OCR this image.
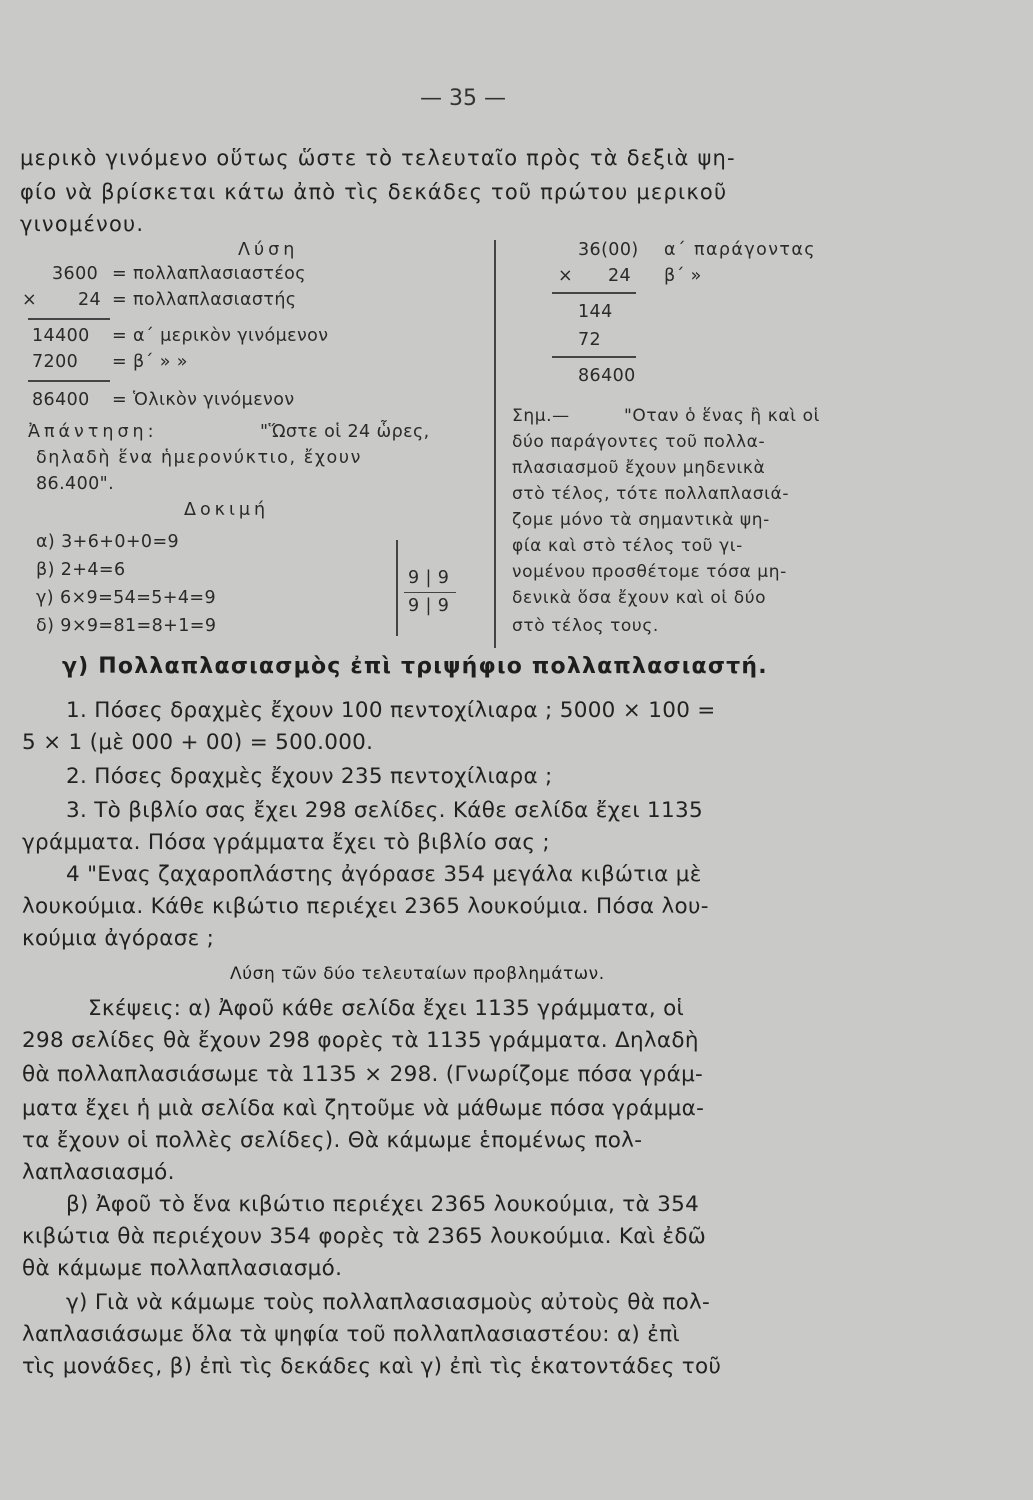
— 35 —
μερικὸ γινόμενο οὕτως ὥστε τὸ τελευταῖο πρὸς τὰ δεξιὰ ψη-
φίο νὰ βρίσκεται κάτω ἀπὸ τὶς δεκάδες τοῦ πρώτου μερικοῦ
γινομένου.
Λύση
3600 = πολλαπλασιαστέος
× 24 = πολλαπλασιαστής
14400 = α΄ μερικὸν γινόμενον
7200 = β΄ » »
86400 = Ὁλικὸν γινόμενον
Ἀπάντηση:	"Ὥστε οἱ 24 ὧρες,
δηλαδὴ ἕνα ἡμερονύκτιο, ἔχουν
86.400".
Δοκιμή
α) 3+6+0+0=9
β) 2+4=6
γ) 6×9=54=5+4=9
δ) 9×9=81=8+1=9
9 | 9
9 | 9
36(00) α΄ παράγοντας
× 24 β΄ »
144
72
86400
Σημ.—	"Οταν ὁ ἕνας ἢ καὶ οἱ
δύο παράγοντες τοῦ πολλα-
πλασιασμοῦ ἔχουν μηδενικὰ
στὸ τέλος, τότε πολλαπλασιά-
ζομε μόνο τὰ σημαντικὰ ψη-
φία καὶ στὸ τέλος τοῦ γι-
νομένου προσθέτομε τόσα μη-
δενικὰ ὅσα ἔχουν καὶ οἱ δύο
στὸ τέλος τους.
γ) Πολλαπλασιασμὸς ἐπὶ τριψήφιο πολλαπλασιαστή.
1. Πόσες δραχμὲς ἔχουν 100 πεντοχίλιαρα ; 5000 × 100 =
5 × 1 (μὲ 000 + 00) = 500.000.
2. Πόσες δραχμὲς ἔχουν 235 πεντοχίλιαρα ;
3. Τὸ βιβλίο σας ἔχει 298 σελίδες. Κάθε σελίδα ἔχει 1135
γράμματα. Πόσα γράμματα ἔχει τὸ βιβλίο σας ;
4 "Ενας ζαχαροπλάστης ἀγόρασε 354 μεγάλα κιβώτια μὲ
λουκούμια. Κάθε κιβώτιο περιέχει 2365 λουκούμια. Πόσα λου-
κούμια ἀγόρασε ;
Λύση τῶν δύο τελευταίων προβλημάτων.
Σκέψεις: α) Ἀφοῦ κάθε σελίδα ἔχει 1135 γράμματα, οἱ
298 σελίδες θὰ ἔχουν 298 φορὲς τὰ 1135 γράμματα. Δηλαδὴ
θὰ πολλαπλασιάσωμε τὰ 1135 × 298. (Γνωρίζομε πόσα γράμ-
ματα ἔχει ἡ μιὰ σελίδα καὶ ζητοῦμε νὰ μάθωμε πόσα γράμμα-
τα ἔχουν οἱ πολλὲς σελίδες). Θὰ κάμωμε ἑπομένως πολ-
λαπλασιασμό.
β) Ἀφοῦ τὸ ἕνα κιβώτιο περιέχει 2365 λουκούμια, τὰ 354
κιβώτια θὰ περιέχουν 354 φορὲς τὰ 2365 λουκούμια. Καὶ ἐδῶ
θὰ κάμωμε πολλαπλασιασμό.
γ) Γιὰ νὰ κάμωμε τοὺς πολλαπλασιασμοὺς αὐτοὺς θὰ πολ-
λαπλασιάσωμε ὅλα τὰ ψηφία τοῦ πολλαπλασιαστέου: α) ἐπὶ
τὶς μονάδες, β) ἐπὶ τὶς δεκάδες καὶ γ) ἐπὶ τὶς ἑκατοντάδες τοῦ
